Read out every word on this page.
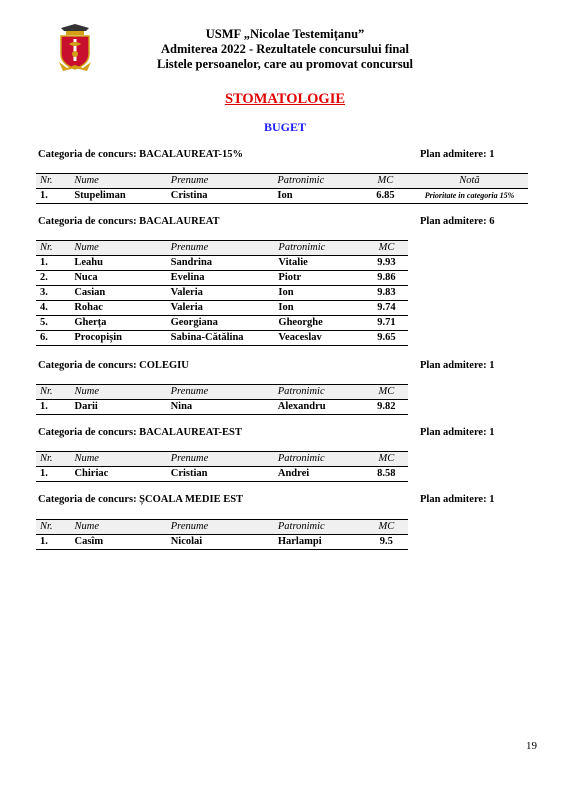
USMF „Nicolae Testemițanu”
Admiterea 2022 - Rezultatele concursului final
Listele persoanelor, care au promovat concursul
STOMATOLOGIE
BUGET
Categoria de concurs: BACALAUREAT-15%	Plan admitere: 1
Nr.	Nume	Prenume	Patronimic	MC	Notă
1.	Stupeliman	Cristina	Ion	6.85	Prioritate in categoria 15%
Categoria de concurs: BACALAUREAT	Plan admitere: 6
Nr.	Nume	Prenume	Patronimic	MC
1.	Leahu	Sandrina	Vitalie	9.93
2.	Nuca	Evelina	Piotr	9.86
3.	Casian	Valeria	Ion	9.83
4.	Rohac	Valeria	Ion	9.74
5.	Gherța	Georgiana	Gheorghe	9.71
6.	Procopișin	Sabina-Cătălina	Veaceslav	9.65
Categoria de concurs: COLEGIU	Plan admitere: 1
Nr.	Nume	Prenume	Patronimic	MC
1.	Darii	Nina	Alexandru	9.82
Categoria de concurs: BACALAUREAT-EST	Plan admitere: 1
Nr.	Nume	Prenume	Patronimic	MC
1.	Chiriac	Cristian	Andrei	8.58
Categoria de concurs: ȘCOALA MEDIE EST	Plan admitere: 1
Nr.	Nume	Prenume	Patronimic	MC
1.	Casîm	Nicolai	Harlampi	9.5
19
